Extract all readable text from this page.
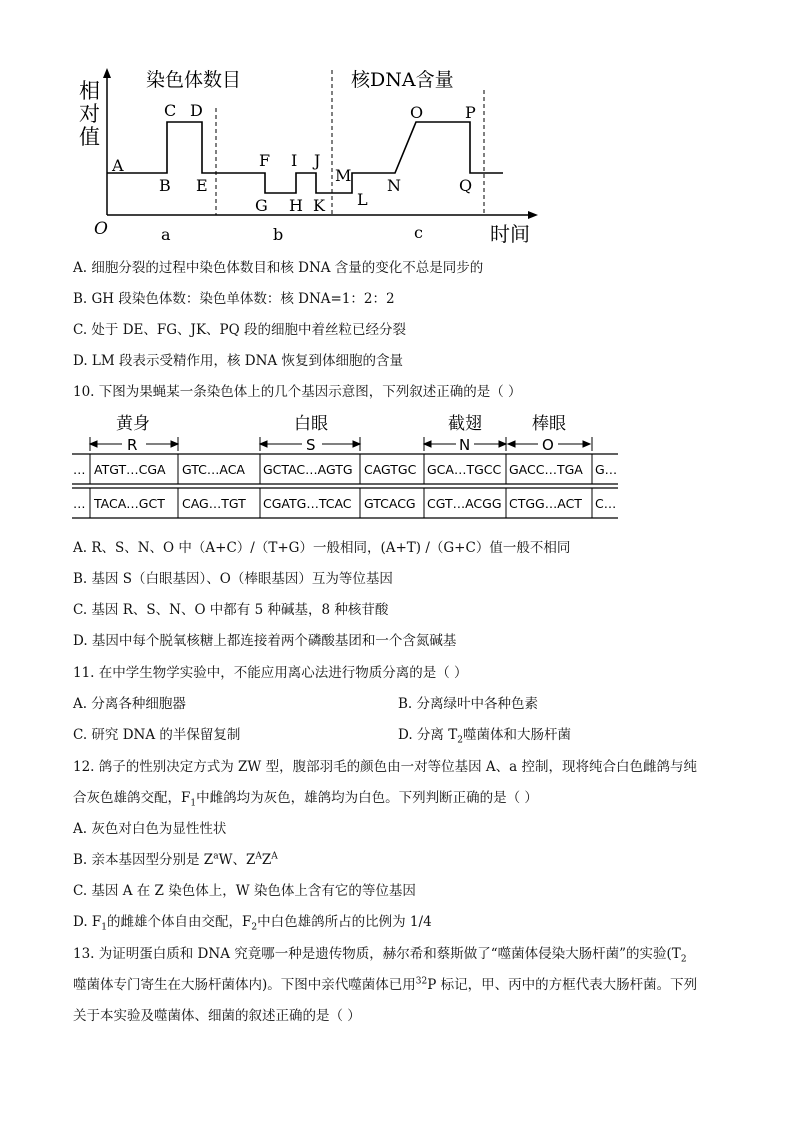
相
对
值
O	时间
染色体数目	核DNA含量
A
B
C D
E
F
G H
I J
K
M
L
N
O	P
Q
a	b	c
A. 细胞分裂的过程中染色体数目和核 DNA 含量的变化不总是同步的
B. GH 段染色体数：染色单体数：核 DNA=1：2：2
C. 处于 DE、FG、JK、PQ 段的细胞中着丝粒已经分裂
D. LM 段表示受精作用，核 DNA 恢复到体细胞的含量
10. 下图为果蝇某一条染色体上的几个基因示意图，下列叙述正确的是（ ）
黄身	白眼	截翅	棒眼
R	S	N	O
… ATGT…CGA GTC…ACA GCTAC…AGTG CAGTGC GCA…TGCC GACC…TGA G…
… TACA…GCT CAG…TGT CGATG…TCAC GTCACG CGT…ACGG CTGG…ACT C…
A. R、S、N、O 中（A+C）/（T+G）一般相同，(A+T) /（G+C）值一般不相同
B. 基因 S（白眼基因）、O（棒眼基因）互为等位基因
C. 基因 R、S、N、O 中都有 5 种碱基，8 种核苷酸
D. 基因中每个脱氧核糖上都连接着两个磷酸基团和一个含氮碱基
11. 在中学生物学实验中，不能应用离心法进行物质分离的是（ ）
A. 分离各种细胞器	B. 分离绿叶中各种色素
C. 研究 DNA 的半保留复制	D. 分离 $T_2$噬菌体和大肠杆菌
12. 鸽子的性别决定方式为 ZW 型，腹部羽毛的颜色由一对等位基因 A、a 控制，现将纯合白色雌鸽与纯
合灰色雄鸽交配，$F_1$中雌鸽均为灰色，雄鸽均为白色。下列判断正确的是（ ）
A. 灰色对白色为显性性状
B. 亲本基因型分别是 $Z^aW$、$Z^AZ^A$
C. 基因 A 在 Z 染色体上，W 染色体上含有它的等位基因
D. $F_1$的雌雄个体自由交配，$F_2$中白色雄鸽所占的比例为 1/4
13. 为证明蛋白质和 DNA 究竟哪一种是遗传物质，赫尔希和蔡斯做了“噬菌体侵染大肠杆菌”的实验($T_2$
噬菌体专门寄生在大肠杆菌体内)。下图中亲代噬菌体已用$^{32}$P 标记，甲、丙中的方框代表大肠杆菌。下列
关于本实验及噬菌体、细菌的叙述正确的是（ ）
